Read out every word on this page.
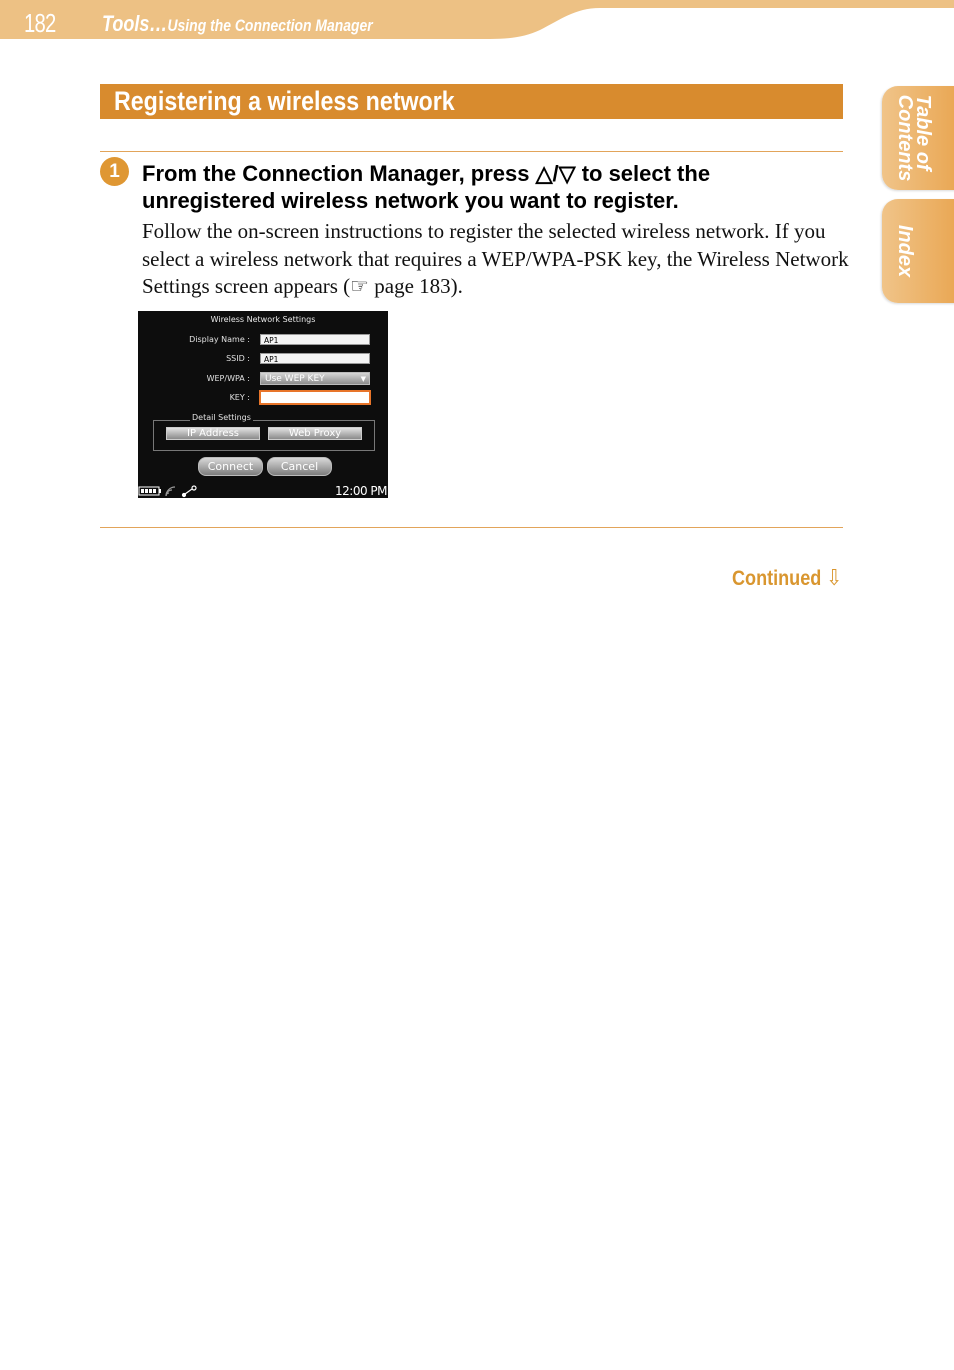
182 Tools…Using the Connection Manager
Table of Contents
Index
Registering a wireless network
1	From the Connection Manager, press △/▽ to select the unregistered wireless network you want to register.
Follow the on-screen instructions to register the selected wireless network. If you select a wireless network that requires a WEP/WPA-PSK key, the Wireless Network Settings screen appears (☞ page 183).
Wireless Network Settings
Display Name :	AP1
SSID :	AP1
WEP/WPA :	Use WEP KEY	▼
KEY :
Detail Settings
IP Address	Web Proxy
Connect	Cancel
12:00 PM
Continued ⇩
